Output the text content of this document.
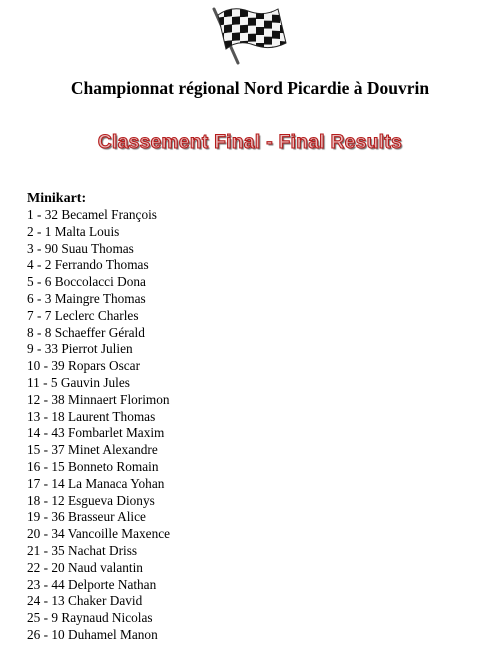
Championnat régional Nord Picardie à Douvrin
Classement Final - Final Results
Minikart:
1 - 32 Becamel François
2 - 1 Malta Louis
3 - 90 Suau Thomas
4 - 2 Ferrando Thomas
5 - 6 Boccolacci Dona
6 - 3 Maingre Thomas
7 - 7 Leclerc Charles
8 - 8 Schaeffer Gérald
9 - 33 Pierrot Julien
10 - 39 Ropars Oscar
11 - 5 Gauvin Jules
12 - 38 Minnaert Florimon
13 - 18 Laurent Thomas
14 - 43 Fombarlet Maxim
15 - 37 Minet Alexandre
16 - 15 Bonneto Romain
17 - 14 La Manaca Yohan
18 - 12 Esgueva Dionys
19 - 36 Brasseur Alice
20 - 34 Vancoille Maxence
21 - 35 Nachat Driss
22 - 20 Naud valantin
23 - 44 Delporte Nathan
24 - 13 Chaker David
25 - 9 Raynaud Nicolas
26 - 10 Duhamel Manon
